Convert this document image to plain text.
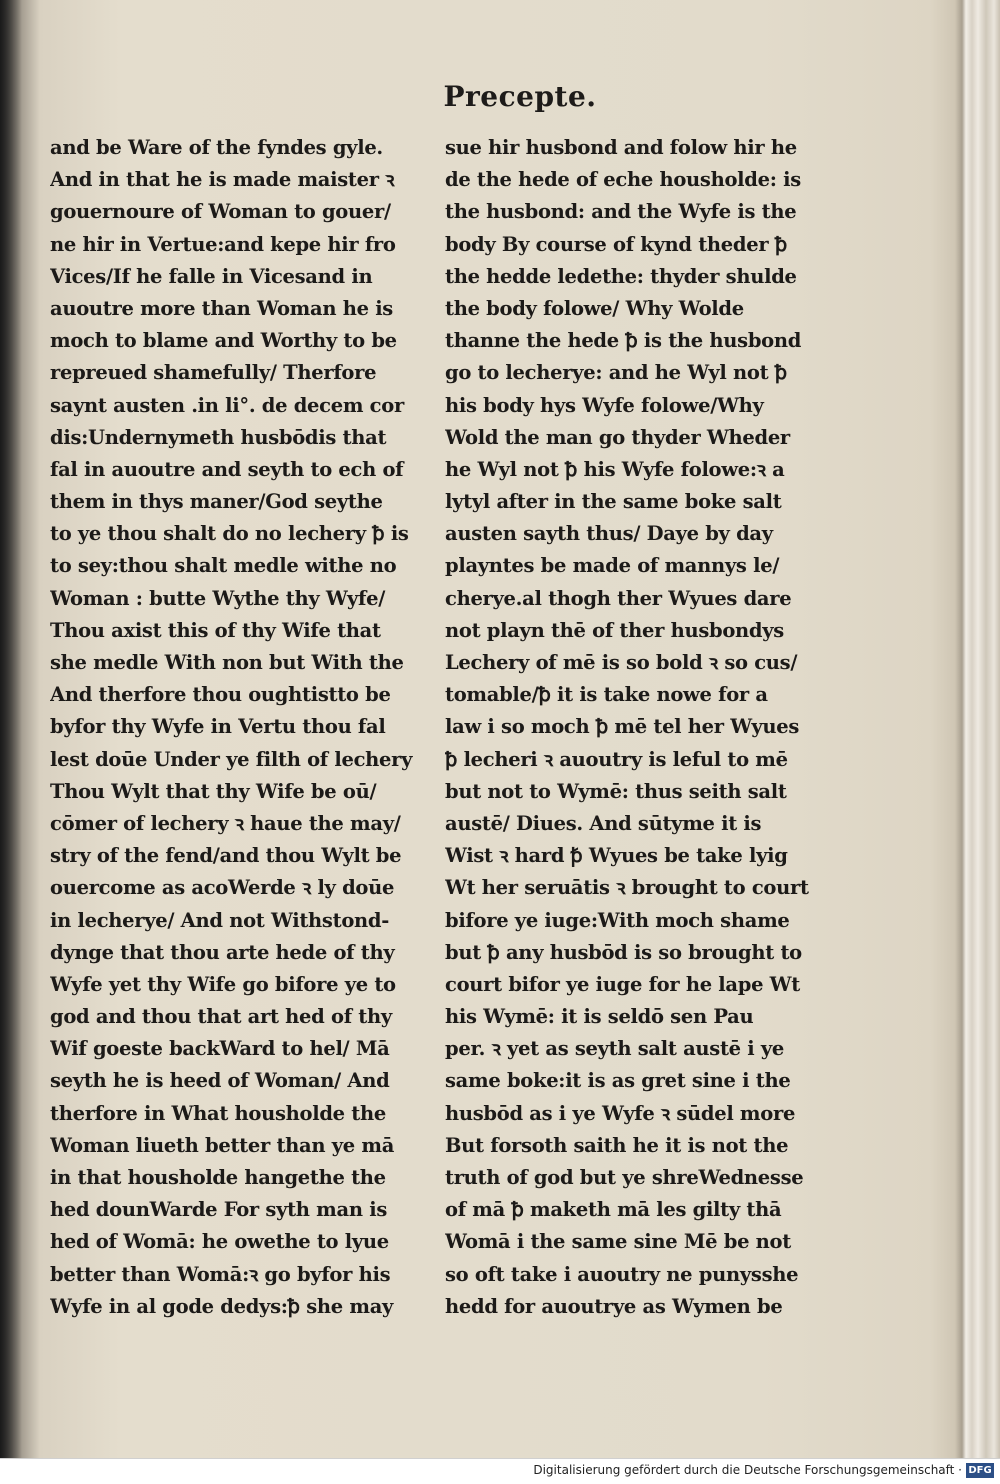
Precepte.
and be Ware of the fyndes gyle.
And in that he is made maister ꝛ
gouernoure of Woman to gouer/
ne hir in Vertue:and kepe hir fro
Vices/If he falle in Vicesand in
auoutre more than Woman he is
moch to blame and Worthy to be
repreued shamefully/ Therfore
saynt austen .in li°. de decem cor
dis:Undernymeth husbōdis that
fal in auoutre and seyth to ech of
them in thys maner/God seythe
to ye thou shalt do no lechery ꝥ is
to sey:thou shalt medle withe no
Woman : butte Wythe thy Wyfe/
Thou axist this of thy Wife that
she medle With non but With the
And therfore thou oughtistto be
byfor thy Wyfe in Vertu thou fal
lest doūe Under ye filth of lechery
Thou Wylt that thy Wife be oū/
cōmer of lechery ꝛ haue the may/
stry of the fend/and thou Wylt be
ouercome as acoWerde ꝛ ly doūe
in lecherye/ And not Withstond-
dynge that thou arte hede of thy
Wyfe yet thy Wife go bifore ye to
god and thou that art hed of thy
Wif goeste backWard to hel/ Mā
seyth he is heed of Woman/ And
therfore in What housholde the
Woman liueth better than ye mā
in that housholde hangethe the
hed dounWarde For syth man is
hed of Womā: he owethe to lyue
better than Womā:ꝛ go byfor his
Wyfe in al gode dedys:ꝥ she may
sue hir husbond and folow hir he
de the hede of eche housholde: is
the husbond: and the Wyfe is the
body By course of kynd theder ꝥ
the hedde ledethe: thyder shulde
the body folowe/ Why Wolde
thanne the hede ꝥ is the husbond
go to lecherye: and he Wyl not ꝥ
his body hys Wyfe folowe/Why
Wold the man go thyder Wheder
he Wyl not ꝥ his Wyfe folowe:ꝛ a
lytyl after in the same boke salt
austen sayth thus/ Daye by day
playntes be made of mannys le/
cherye.al thogh ther Wyues dare
not playn thē of ther husbondys
Lechery of mē is so bold ꝛ so cus/
tomable/ꝥ it is take nowe for a
law i so moch ꝥ mē tel her Wyues
ꝥ lecheri ꝛ auoutry is leful to mē
but not to Wymē: thus seith salt
austē/ Diues. And sūtyme it is
Wist ꝛ hard ꝥ Wyues be take lyig
Wt her seruātis ꝛ brought to court
bifore ye iuge:With moch shame
but ꝥ any husbōd is so brought to
court bifor ye iuge for he lape Wt
his Wymē: it is seldō sen Pau
per. ꝛ yet as seyth salt austē i ye
same boke:it is as gret sine i the
husbōd as i ye Wyfe ꝛ sūdel more
But forsoth saith he it is not the
truth of god but ye shreWednesse
of mā ꝥ maketh mā les gilty thā
Womā i the same sine Mē be not
so oft take i auoutry ne punysshe
hedd for auoutrye as Wymen be
Digitalisierung gefördert durch die Deutsche Forschungsgemeinschaft · DFG
